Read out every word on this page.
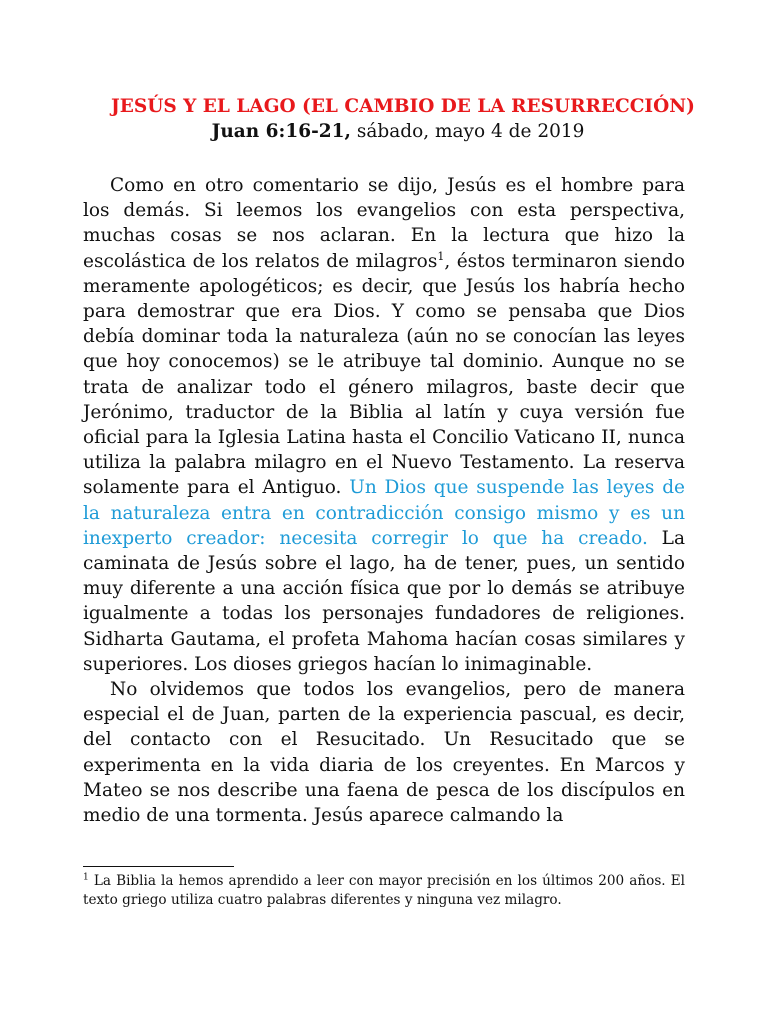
JESÚS Y EL LAGO (EL CAMBIO DE LA RESURRECCIÓN)
Juan 6:16-21, sábado, mayo 4 de 2019

Como en otro comentario se dijo, Jesús es el hombre para los demás. Si leemos los evangelios con esta perspectiva, muchas cosas se nos aclaran. En la lectura que hizo la escolástica de los relatos de milagros$^1$, éstos terminaron siendo meramente apologéticos; es decir, que Jesús los habría hecho para demostrar que era Dios. Y como se pensaba que Dios debía dominar toda la naturaleza (aún no se conocían las leyes que hoy conocemos) se le atribuye tal dominio. Aunque no se trata de analizar todo el género milagros, baste decir que Jerónimo, traductor de la Biblia al latín y cuya versión fue oficial para la Iglesia Latina hasta el Concilio Vaticano II, nunca utiliza la palabra milagro en el Nuevo Testamento. La reserva solamente para el Antiguo. Un Dios que suspende las leyes de la naturaleza entra en contradicción consigo mismo y es un inexperto creador: necesita corregir lo que ha creado. La caminata de Jesús sobre el lago, ha de tener, pues, un sentido muy diferente a una acción física que por lo demás se atribuye igualmente a todas los personajes fundadores de religiones. Sidharta Gautama, el profeta Mahoma hacían cosas similares y superiores. Los dioses griegos hacían lo inimaginable.

No olvidemos que todos los evangelios, pero de manera especial el de Juan, parten de la experiencia pascual, es decir, del contacto con el Resucitado. Un Resucitado que se experimenta en la vida diaria de los creyentes. En Marcos y Mateo se nos describe una faena de pesca de los discípulos en medio de una tormenta. Jesús aparece calmando la

$^1$ La Biblia la hemos aprendido a leer con mayor precisión en los últimos 200 años. El texto griego utiliza cuatro palabras diferentes y ninguna vez milagro.
